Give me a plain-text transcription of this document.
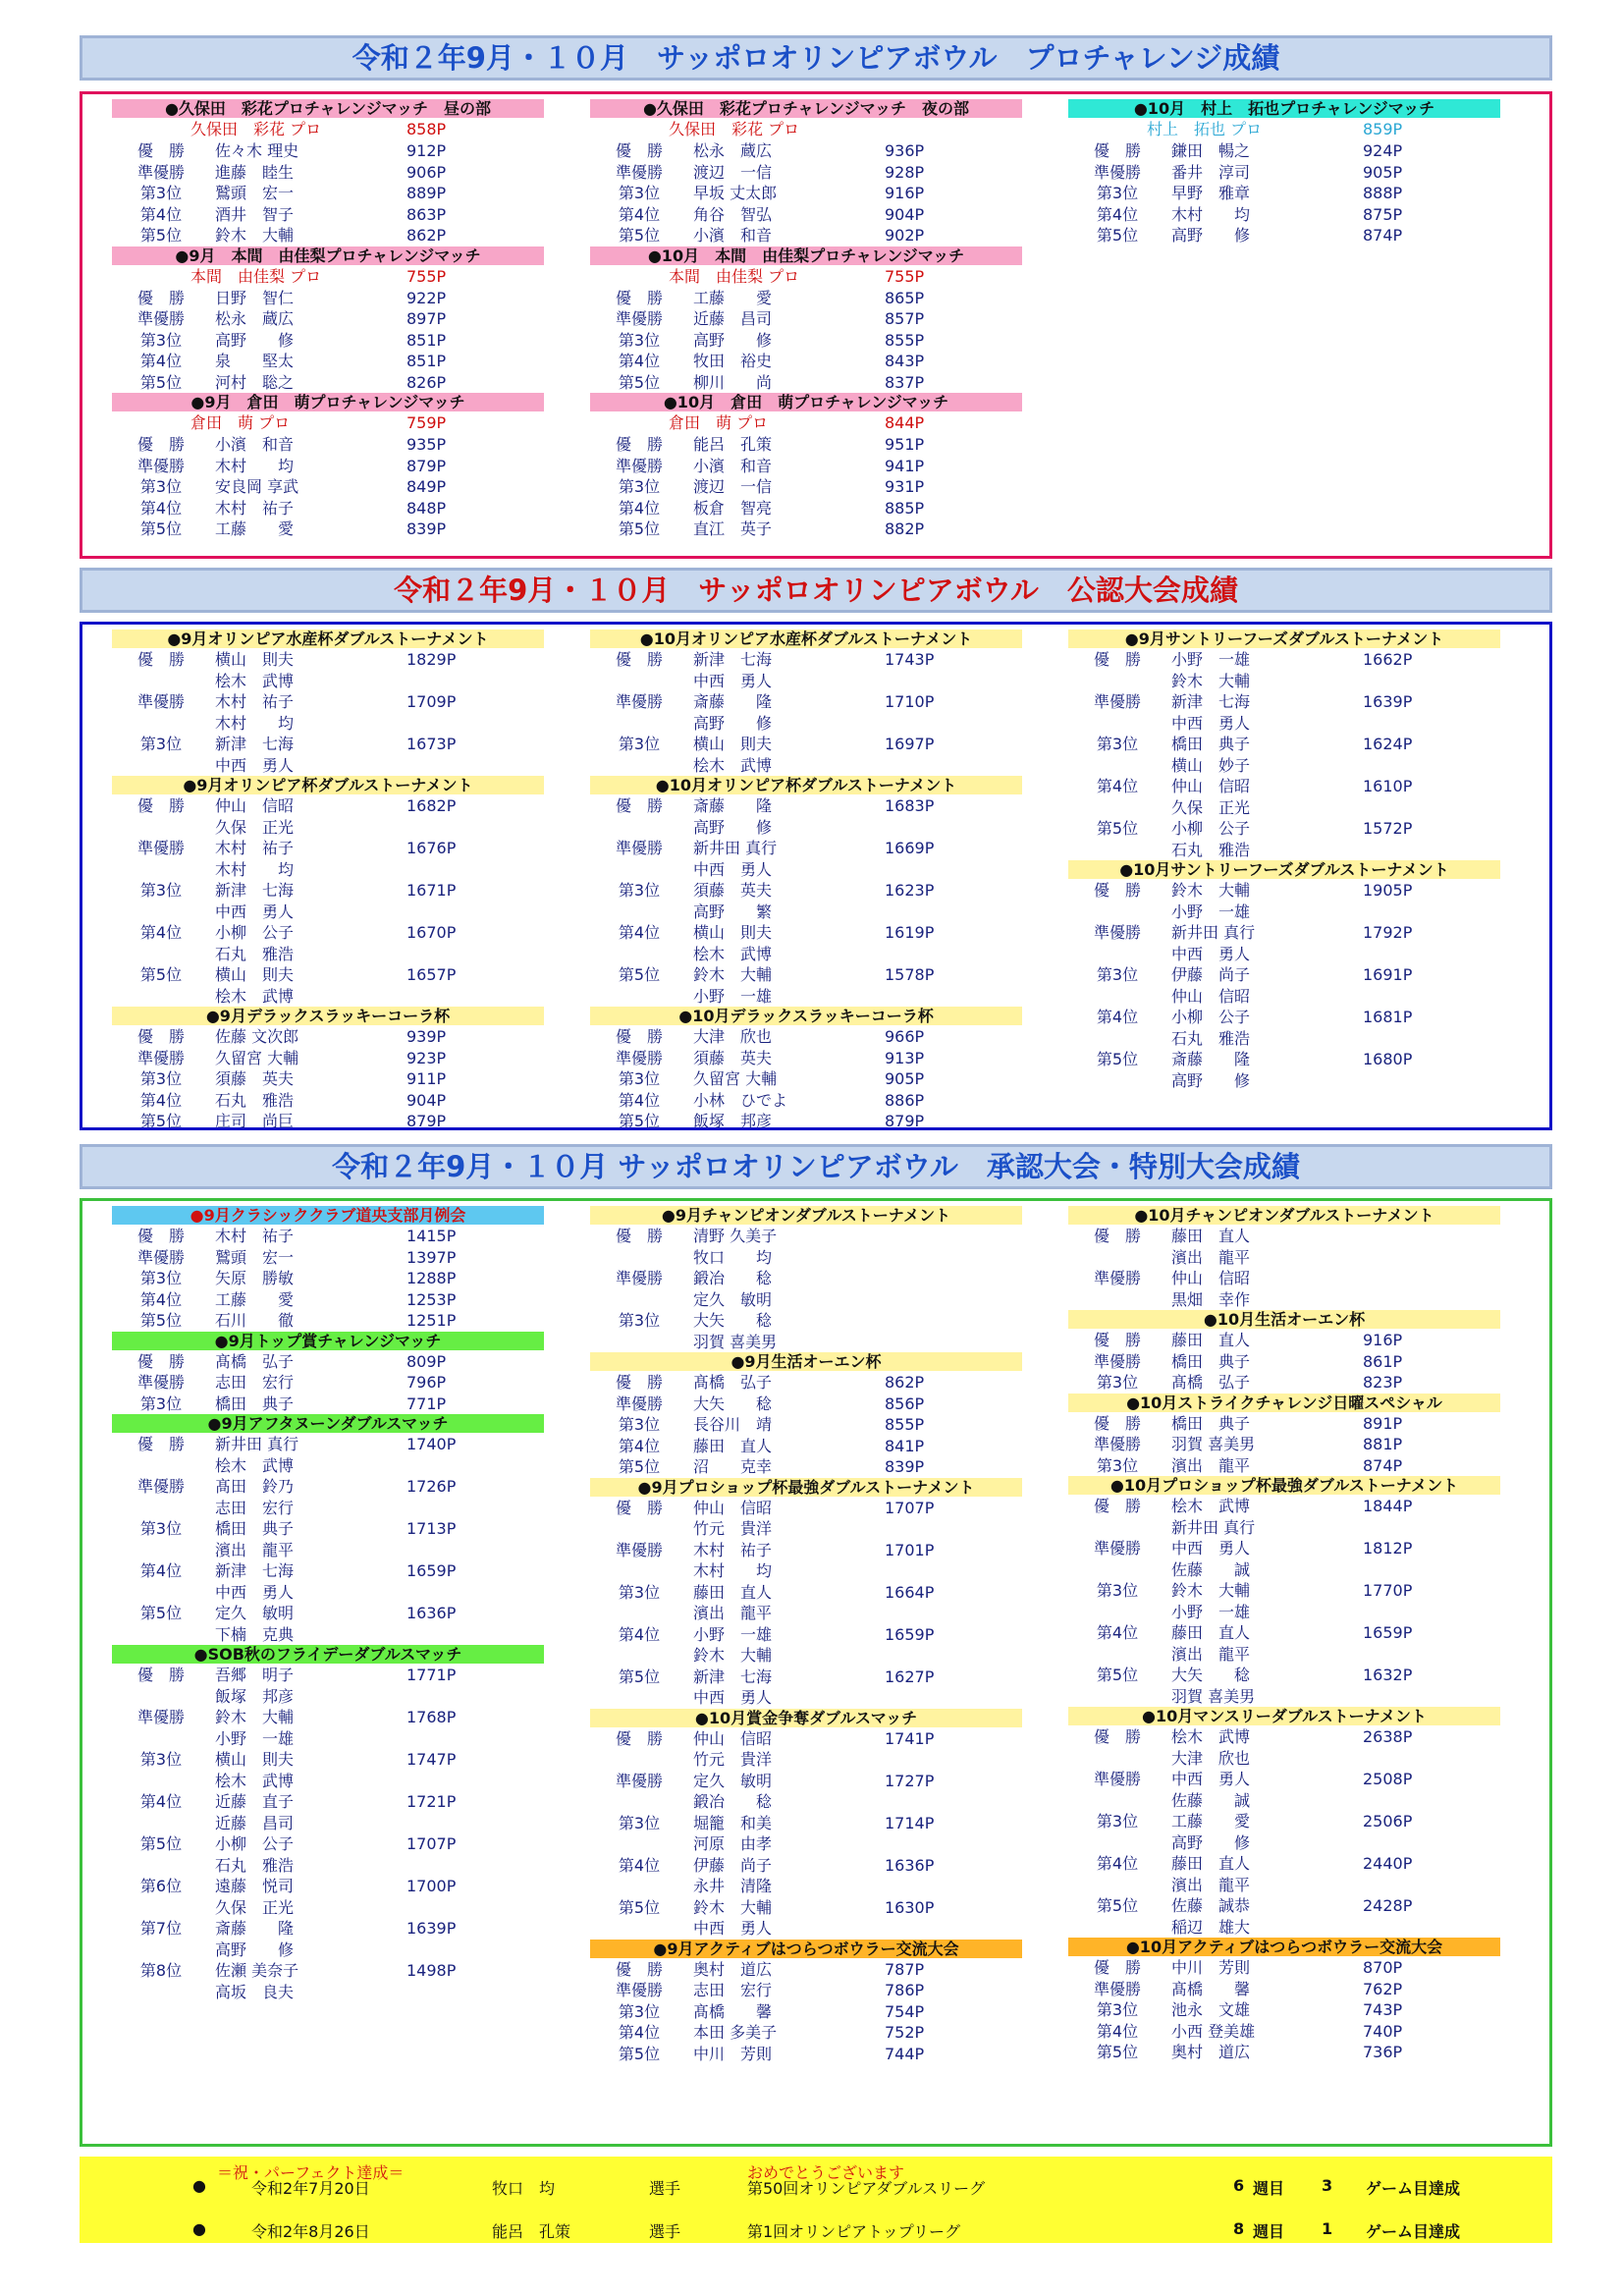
令和２年9月・１０月　サッポロオリンピアボウル　プロチャレンジ成績
●久保田　彩花プロチャレンジマッチ　昼の部
久保田　彩花 プロ	858P
優　勝	佐々木 理史	912P
準優勝	進藤　睦生	906P
第3位	鷲頭　宏一	889P
第4位	酒井　智子	863P
第5位	鈴木　大輔	862P
●9月　本間　由佳梨プロチャレンジマッチ
本間　由佳梨 プロ	755P
優　勝	日野　智仁	922P
準優勝	松永　蔵広	897P
第3位	高野　　修	851P
第4位	泉　　堅太	851P
第5位	河村　聡之	826P
●9月　倉田　萌プロチャレンジマッチ
倉田　萌 プロ	759P
優　勝	小濱　和音	935P
準優勝	木村　　均	879P
第3位	安良岡 享武	849P
第4位	木村　祐子	848P
第5位	工藤　　愛	839P
●久保田　彩花プロチャレンジマッチ　夜の部
久保田　彩花 プロ
優　勝	松永　蔵広	936P
準優勝	渡辺　一信	928P
第3位	早坂 丈太郎	916P
第4位	角谷　智弘	904P
第5位	小濱　和音	902P
●10月　本間　由佳梨プロチャレンジマッチ
本間　由佳梨 プロ	755P
優　勝	工藤　　愛	865P
準優勝	近藤　昌司	857P
第3位	高野　　修	855P
第4位	牧田　裕史	843P
第5位	柳川　　尚	837P
●10月　倉田　萌プロチャレンジマッチ
倉田　萌 プロ	844P
優　勝	能呂　孔策	951P
準優勝	小濱　和音	941P
第3位	渡辺　一信	931P
第4位	板倉　智亮	885P
第5位	直江　英子	882P
●10月　村上　拓也プロチャレンジマッチ
村上　拓也 プロ	859P
優　勝	鎌田　暢之	924P
準優勝	番井　淳司	905P
第3位	早野　雅章	888P
第4位	木村　　均	875P
第5位	高野　　修	874P
令和２年9月・１０月　サッポロオリンピアボウル　公認大会成績
●9月オリンピア水産杯ダブルストーナメント
優　勝	横山　則夫	1829P
桧木　武博
準優勝	木村　祐子	1709P
木村　　均
第3位	新津　七海	1673P
中西　勇人
●9月オリンピア杯ダブルストーナメント
優　勝	仲山　信昭	1682P
久保　正光
準優勝	木村　祐子	1676P
木村　　均
第3位	新津　七海	1671P
中西　勇人
第4位	小柳　公子	1670P
石丸　雅浩
第5位	横山　則夫	1657P
桧木　武博
●9月デラックスラッキーコーラ杯
優　勝	佐藤 文次郎	939P
準優勝	久留宮 大輔	923P
第3位	須藤　英夫	911P
第4位	石丸　雅浩	904P
第5位	庄司　尚巨	879P
●10月オリンピア水産杯ダブルストーナメント
優　勝	新津　七海	1743P
中西　勇人
準優勝	斎藤　　隆	1710P
高野　　修
第3位	横山　則夫	1697P
桧木　武博
●10月オリンピア杯ダブルストーナメント
優　勝	斎藤　　隆	1683P
高野　　修
準優勝	新井田 真行	1669P
中西　勇人
第3位	須藤　英夫	1623P
高野　　繁
第4位	横山　則夫	1619P
桧木　武博
第5位	鈴木　大輔	1578P
小野　一雄
●10月デラックスラッキーコーラ杯
優　勝	大津　欣也	966P
準優勝	須藤　英夫	913P
第3位	久留宮 大輔	905P
第4位	小林　ひでよ	886P
第5位	飯塚　邦彦	879P
●9月サントリーフーズダブルストーナメント
優　勝	小野　一雄	1662P
鈴木　大輔
準優勝	新津　七海	1639P
中西　勇人
第3位	橋田　典子	1624P
横山　妙子
第4位	仲山　信昭	1610P
久保　正光
第5位	小柳　公子	1572P
石丸　雅浩
●10月サントリーフーズダブルストーナメント
優　勝	鈴木　大輔	1905P
小野　一雄
準優勝	新井田 真行	1792P
中西　勇人
第3位	伊藤　尚子	1691P
仲山　信昭
第4位	小柳　公子	1681P
石丸　雅浩
第5位	斎藤　　隆	1680P
高野　　修
令和２年9月・１０月 サッポロオリンピアボウル　承認大会・特別大会成績
●9月クラシッククラブ道央支部月例会
優　勝	木村　祐子	1415P
準優勝	鷲頭　宏一	1397P
第3位	矢原　勝敏	1288P
第4位	工藤　　愛	1253P
第5位	石川　　徹	1251P
●9月トップ賞チャレンジマッチ
優　勝	髙橋　弘子	809P
準優勝	志田　宏行	796P
第3位	橋田　典子	771P
●9月アフタヌーンダブルスマッチ
優　勝	新井田 真行	1740P
桧木　武博
準優勝	髙田　鈴乃	1726P
志田　宏行
第3位	橋田　典子	1713P
濱出　龍平
第4位	新津　七海	1659P
中西　勇人
第5位	定久　敏明	1636P
下楠　克典
●SOB秋のフライデーダブルスマッチ
優　勝	吾郷　明子	1771P
飯塚　邦彦
準優勝	鈴木　大輔	1768P
小野　一雄
第3位	横山　則夫	1747P
桧木　武博
第4位	近藤　直子	1721P
近藤　昌司
第5位	小柳　公子	1707P
石丸　雅浩
第6位	遠藤　悦司	1700P
久保　正光
第7位	斎藤　　隆	1639P
高野　　修
第8位	佐瀬 美奈子	1498P
高坂　良夫
●9月チャンピオンダブルストーナメント
優　勝	清野 久美子
牧口　　均
準優勝	鍛冶　　稔
定久　敏明
第3位	大矢　　稔
羽賀 喜美男
●9月生活オーエン杯
優　勝	髙橋　弘子	862P
準優勝	大矢　　稔	856P
第3位	長谷川　靖	855P
第4位	藤田　直人	841P
第5位	沼　　克幸	839P
●9月プロショップ杯最強ダブルストーナメント
優　勝	仲山　信昭	1707P
竹元　貴洋
準優勝	木村　祐子	1701P
木村　　均
第3位	藤田　直人	1664P
濱出　龍平
第4位	小野　一雄	1659P
鈴木　大輔
第5位	新津　七海	1627P
中西　勇人
●10月賞金争奪ダブルスマッチ
優　勝	仲山　信昭	1741P
竹元　貴洋
準優勝	定久　敏明	1727P
鍛冶　　稔
第3位	堀籠　和美	1714P
河原　由孝
第4位	伊藤　尚子	1636P
永井　清隆
第5位	鈴木　大輔	1630P
中西　勇人
●9月アクティブはつらつボウラー交流大会
優　勝	奥村　道広	787P
準優勝	志田　宏行	786P
第3位	髙橋　　馨	754P
第4位	本田 多美子	752P
第5位	中川　芳則	744P
●10月チャンピオンダブルストーナメント
優　勝	藤田　直人
濱出　龍平
準優勝	仲山　信昭
黒畑　幸作
●10月生活オーエン杯
優　勝	藤田　直人	916P
準優勝	橋田　典子	861P
第3位	髙橋　弘子	823P
●10月ストライクチャレンジ日曜スペシャル
優　勝	橋田　典子	891P
準優勝	羽賀 喜美男	881P
第3位	濱出　龍平	874P
●10月プロショップ杯最強ダブルストーナメント
優　勝	桧木　武博	1844P
新井田 真行
準優勝	中西　勇人	1812P
佐藤　　誠
第3位	鈴木　大輔	1770P
小野　一雄
第4位	藤田　直人	1659P
濱出　龍平
第5位	大矢　　稔	1632P
羽賀 喜美男
●10月マンスリーダブルストーナメント
優　勝	桧木　武博	2638P
大津　欣也
準優勝	中西　勇人	2508P
佐藤　　誠
第3位	工藤　　愛	2506P
高野　　修
第4位	藤田　直人	2440P
濱出　龍平
第5位	佐藤　誠恭	2428P
稲辺　雄大
●10月アクティブはつらつボウラー交流大会
優　勝	中川　芳則	870P
準優勝	髙橋　　馨	762P
第3位	池永　文雄	743P
第4位	小西 登美雄	740P
第5位	奥村　道広	736P
＝祝・パーフェクト達成＝	おめでとうございます
●	令和2年7月20日	牧口　均	選手	第50回オリンピアダブルスリーグ	6 週目 3 ゲーム目達成
●	令和2年8月26日	能呂　孔策	選手	第1回オリンピアトップリーグ	8 週目 1 ゲーム目達成
